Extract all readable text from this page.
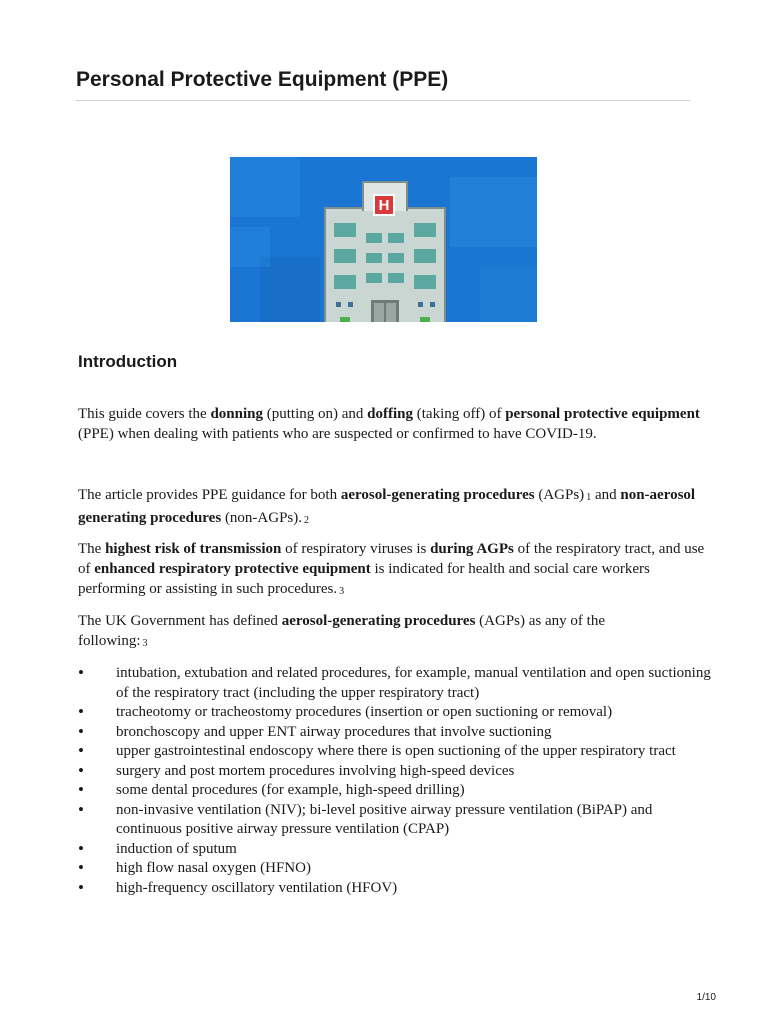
Personal Protective Equipment (PPE)
H
Introduction

This guide covers the donning (putting on) and doffing (taking off) of personal protective equipment (PPE) when dealing with patients who are suspected or confirmed to have COVID-19.

The article provides PPE guidance for both aerosol-generating procedures (AGPs) $^1$ and non-aerosol generating procedures (non-AGPs). $^2$

The highest risk of transmission of respiratory viruses is during AGPs of the respiratory tract, and use of enhanced respiratory protective equipment is indicated for health and social care workers performing or assisting in such procedures. $^3$

The UK Government has defined aerosol-generating procedures (AGPs) as any of the following: $^3$

• intubation, extubation and related procedures, for example, manual ventilation and open suctioning of the respiratory tract (including the upper respiratory tract)
• tracheotomy or tracheostomy procedures (insertion or open suctioning or removal)
• bronchoscopy and upper ENT airway procedures that involve suctioning
• upper gastrointestinal endoscopy where there is open suctioning of the upper respiratory tract
• surgery and post mortem procedures involving high-speed devices
• some dental procedures (for example, high-speed drilling)
• non-invasive ventilation (NIV); bi-level positive airway pressure ventilation (BiPAP) and continuous positive airway pressure ventilation (CPAP)
• induction of sputum
• high flow nasal oxygen (HFNO)
• high-frequency oscillatory ventilation (HFOV)
1/10
